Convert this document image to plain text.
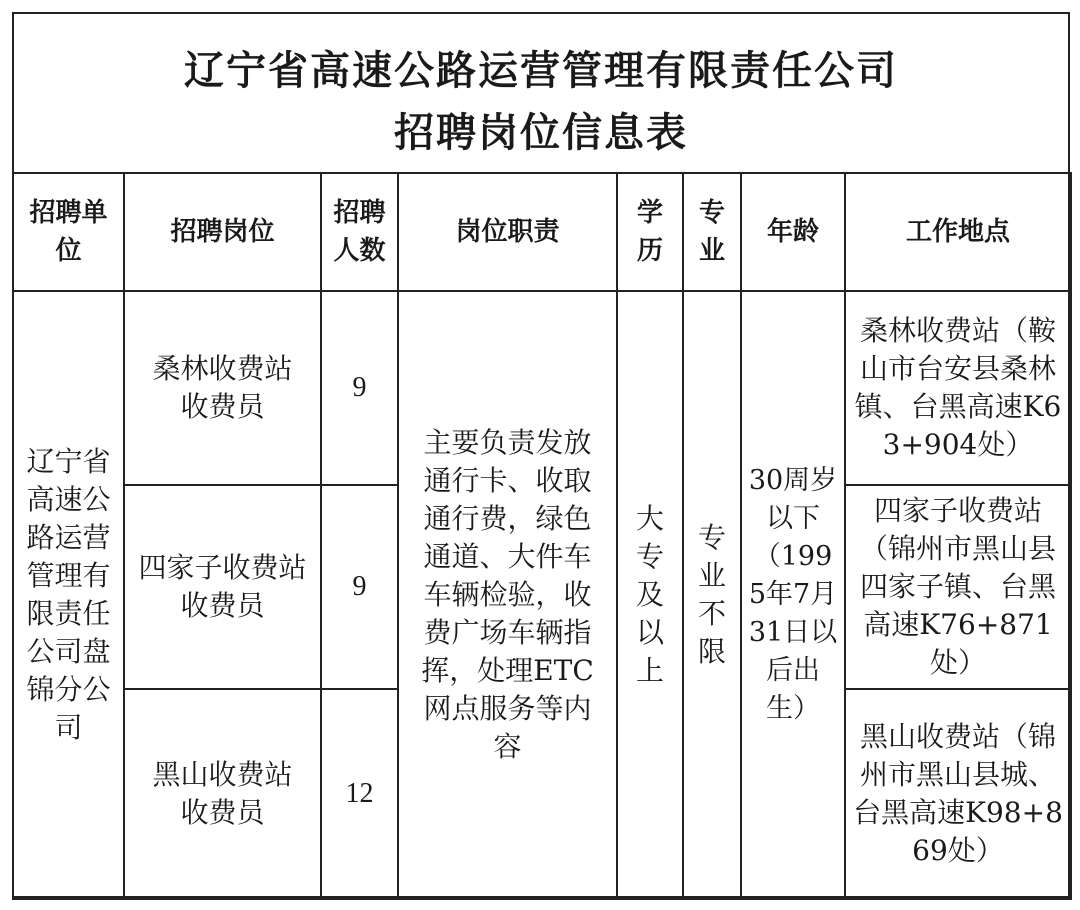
辽宁省高速公路运营管理有限责任公司
招聘岗位信息表
招聘单位	招聘岗位	招聘人数	岗位职责	学历	专业	年龄	工作地点
辽宁省高速公路运营管理有限责任公司盘锦分公司	桑林收费站收费员	9	主要负责发放通行卡、收取通行费，绿色通道、大件车车辆检验，收费广场车辆指挥，处理ETC网点服务等内容	大专及以上	专业不限	30周岁以下（1995年7月31日以后出生）	桑林收费站（鞍山市台安县桑林镇、台黑高速K63+904处）
	四家子收费站收费员	9					四家子收费站（锦州市黑山县四家子镇、台黑高速K76+871处）
	黑山收费站收费员	12					黑山收费站（锦州市黑山县城、台黑高速K98+869处）
